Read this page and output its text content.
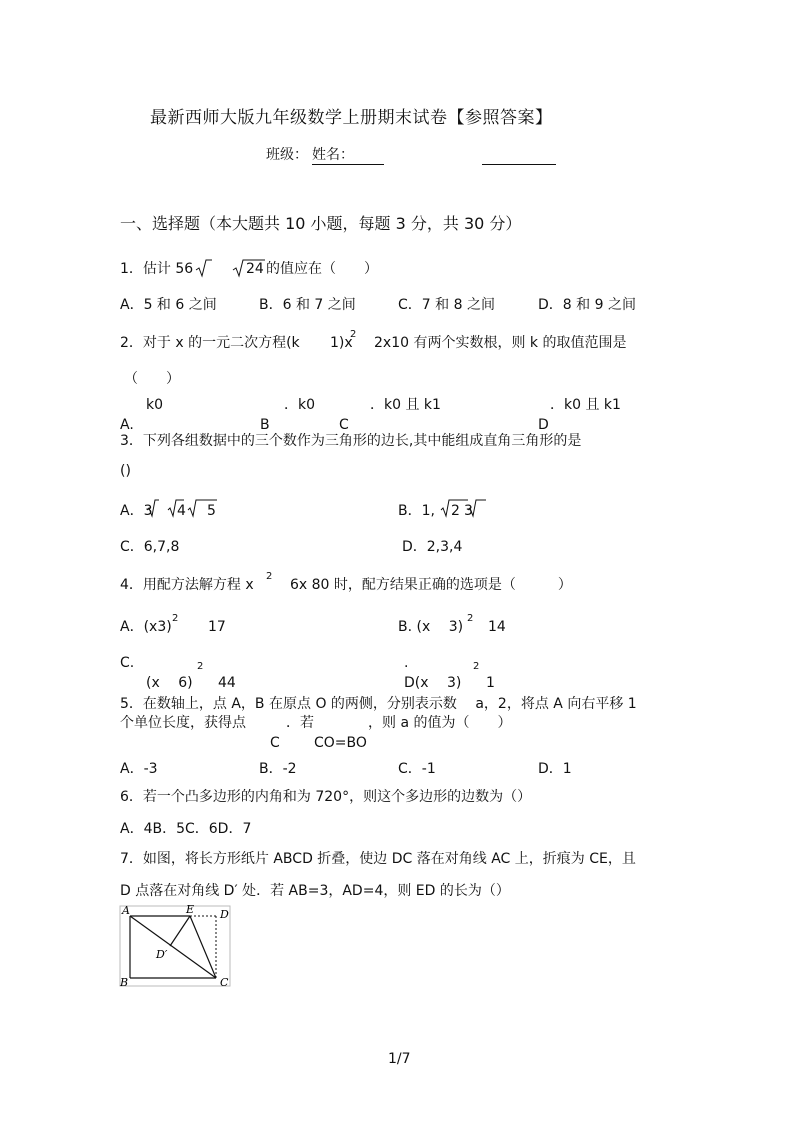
最新西师大版九年级数学上册期末试卷【参照答案】
班级： 姓名：
一、选择题（本大题共 10 小题，每题 3 分，共 30 分）
1．估计 56	24 的值应在（　　）
A．5 和 6 之间	B．6 和 7 之间	C．7 和 8 之间	D．8 和 9 之间
2．对于 x 的一元二次方程(k 1)x
2
2x10 有两个实数根，则 k 的取值范围是
（　　）
k0	．k0	．k0 且 k1	．k0 且 k1
A.	B	C	D
3．下列各组数据中的三个数作为三角形的边长,其中能组成直角三角形的是
()
A．3 4 5	B．1, 2 3
C．6,7,8	D．2,3,4
4．用配方法解方程 x
2
6x 80 时，配方结果正确的选项是（　　　）
A．(x3)
2
17	B. (x　 3)
2
14
C.
(x　 6)
2
44
.
D(x　 3)
2
1
5．在数轴上，点 A，B 在原点 O 的两侧，分别表示数　 a，2，将点 A 向右平移 1
个单位长度，获得点	．若	，则 a 的值为（　　）
C CO=BO
A．-3	B．-2	C．-1	D．1
6．若一个凸多边形的内角和为 720°，则这个多边形的边数为（）
A．4B．5C．6D．7
7．如图，将长方形纸片 ABCD 折叠，使边 DC 落在对角线 AC 上，折痕为 CE，且
D 点落在对角线 D′ 处．若 AB=3，AD=4，则 ED 的长为（）
A	E D
D′
B	C
1/7
